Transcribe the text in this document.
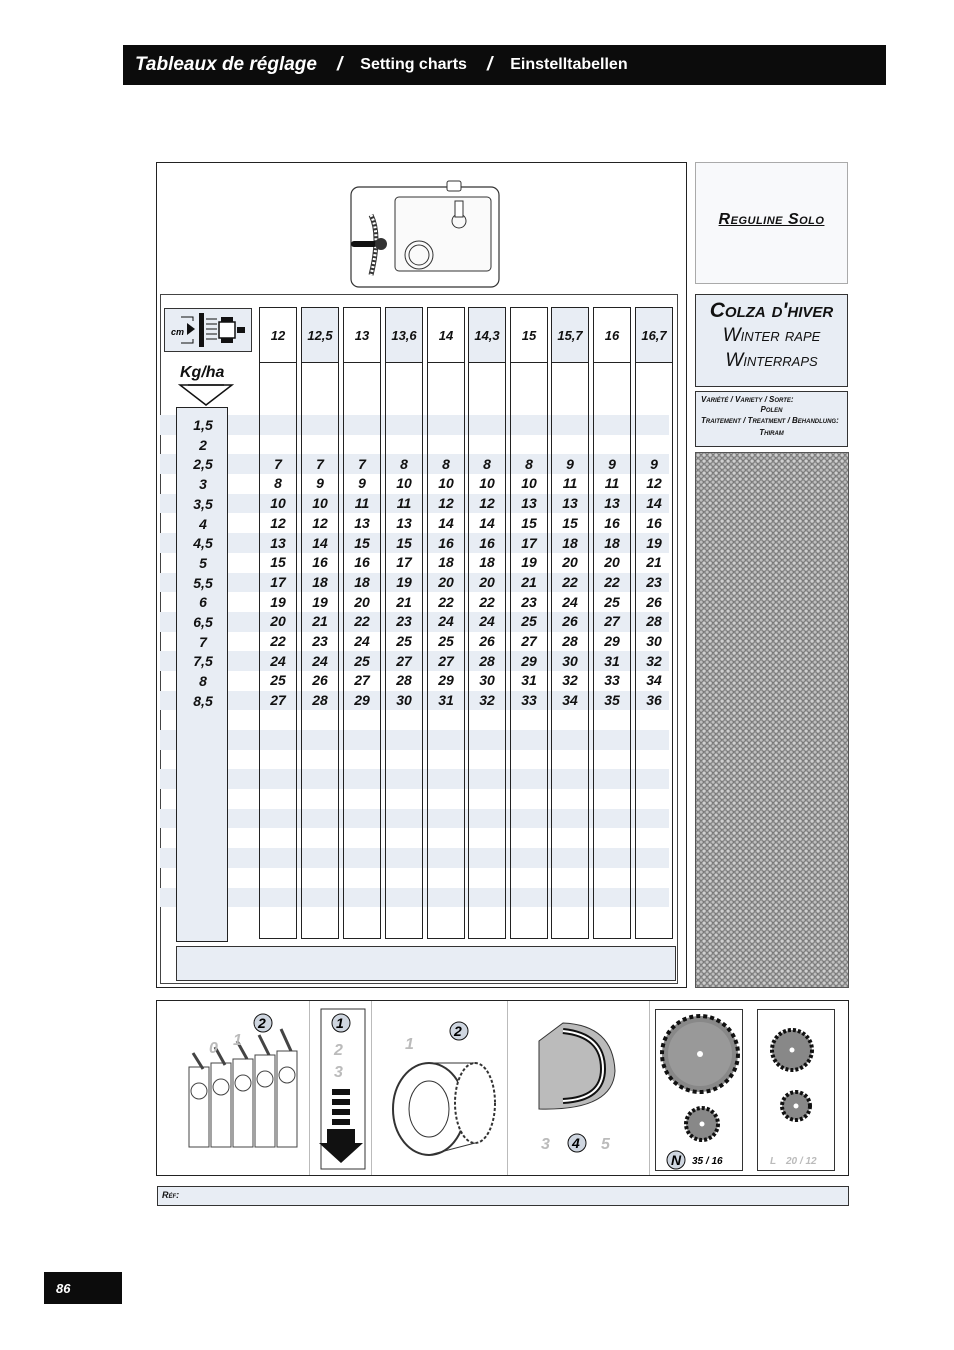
Tableaux de réglage / Setting charts / Einstelltabellen
cm
Kg/ha
1,5
2
2,5
3
3,5
4
4,5
5
5,5
6
6,5
7
7,5
8
8,5
12
7
8
10
12
13
15
17
19
20
22
24
25
27
12,5
7
9
10
12
14
16
18
19
21
23
24
26
28
13
7
9
11
13
15
16
18
20
22
24
25
27
29
13,6
8
10
11
13
15
17
19
21
23
25
27
28
30
14
8
10
12
14
16
18
20
22
24
25
27
29
31
14,3
8
10
12
14
16
18
20
22
24
26
28
30
32
15
8
10
13
15
17
19
21
23
25
27
29
31
33
15,7
9
11
13
15
18
20
22
24
26
28
30
32
34
16
9
11
13
16
18
20
22
25
27
29
31
33
35
16,7
9
12
14
16
19
21
23
26
28
30
32
34
36
Reguline Solo
Colza d'hiver
Winter rape
Winterraps
Variété / Variety / Sorte:
Polen
Traitement / Treatment / Behandlung:
Thiram
0 1
2	1
2
3
1
2
3 4 5
N 35 / 16	L 20 / 12
Réf:
86
